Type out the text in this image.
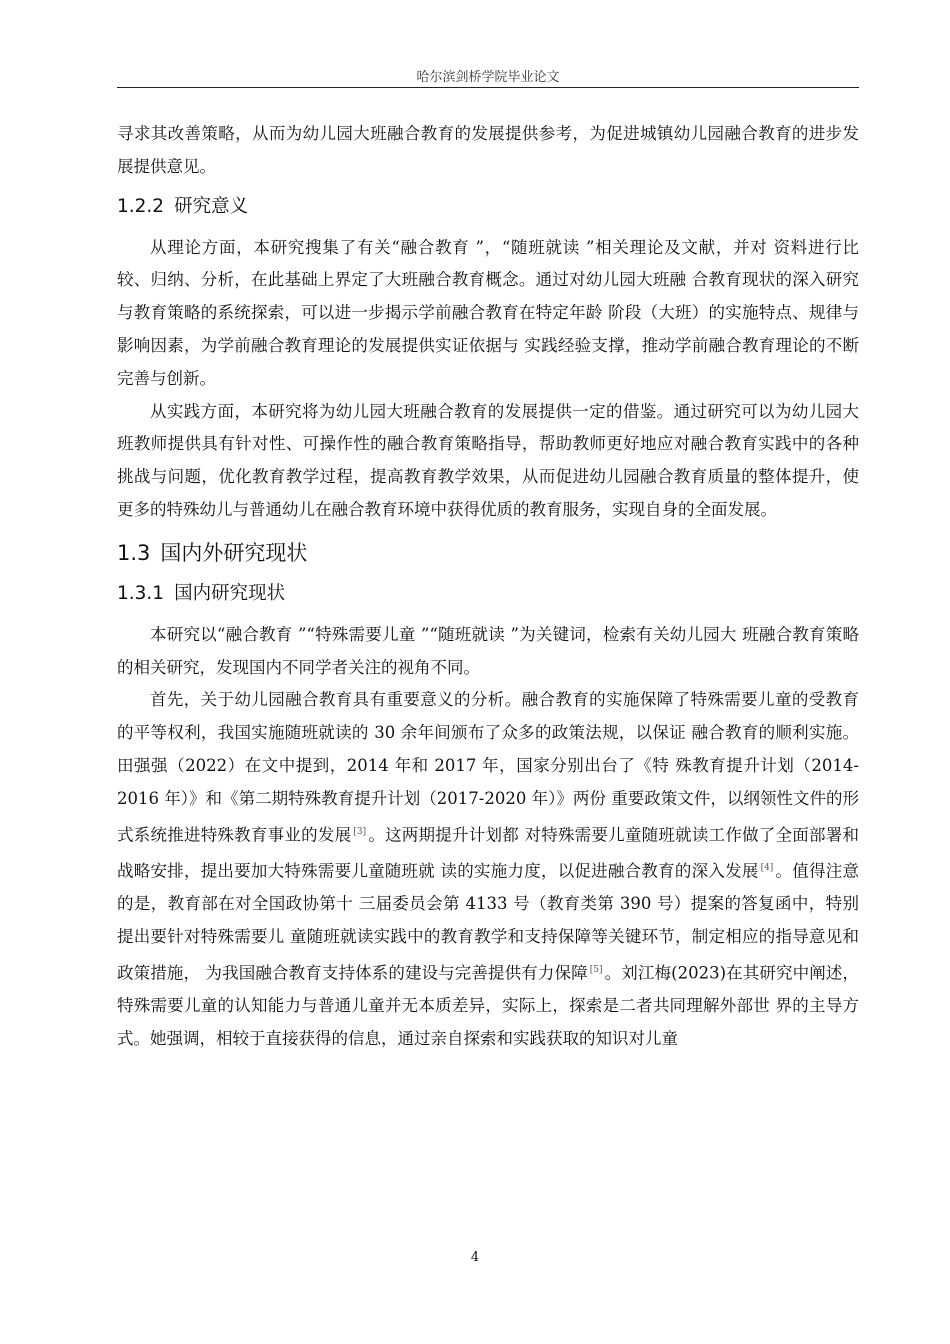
哈尔滨剑桥学院毕业论文

寻求其改善策略，从而为幼儿园大班融合教育的发展提供参考，为促进城镇幼儿园融合教育的进步发展提供意见。

1.2.2 研究意义

从理论方面，本研究搜集了有关“融合教育 ”，“随班就读 ”相关理论及文献，并对 资料进行比较、归纳、分析，在此基础上界定了大班融合教育概念。通过对幼儿园大班融 合教育现状的深入研究与教育策略的系统探索，可以进一步揭示学前融合教育在特定年龄 阶段（大班）的实施特点、规律与影响因素，为学前融合教育理论的发展提供实证依据与 实践经验支撑，推动学前融合教育理论的不断完善与创新。

从实践方面，本研究将为幼儿园大班融合教育的发展提供一定的借鉴。通过研究可以为幼儿园大班教师提供具有针对性、可操作性的融合教育策略指导，帮助教师更好地应对融合教育实践中的各种挑战与问题，优化教育教学过程，提高教育教学效果，从而促进幼儿园融合教育质量的整体提升，使更多的特殊幼儿与普通幼儿在融合教育环境中获得优质的教育服务，实现自身的全面发展。

1.3 国内外研究现状
1.3.1 国内研究现状

本研究以“融合教育 ”“特殊需要儿童 ”“随班就读 ”为关键词，检索有关幼儿园大 班融合教育策略的相关研究，发现国内不同学者关注的视角不同。

首先，关于幼儿园融合教育具有重要意义的分析。融合教育的实施保障了特殊需要儿童的受教育的平等权利，我国实施随班就读的 30 余年间颁布了众多的政策法规，以保证 融合教育的顺利实施。田强强（2022）在文中提到，2014 年和 2017 年，国家分别出台了《特 殊教育提升计划（2014-2016 年）》和《第二期特殊教育提升计划（2017-2020 年）》两份 重要政策文件，以纲领性文件的形式系统推进特殊教育事业的发展 [3] 。这两期提升计划都 对特殊需要儿童随班就读工作做了全面部署和战略安排，提出要加大特殊需要儿童随班就 读的实施力度，以促进融合教育的深入发展 [4] 。值得注意的是，教育部在对全国政协第十 三届委员会第 4133 号（教育类第 390 号）提案的答复函中，特别提出要针对特殊需要儿 童随班就读实践中的教育教学和支持保障等关键环节，制定相应的指导意见和政策措施， 为我国融合教育支持体系的建设与完善提供有力保障 [5] 。刘江梅(2023)在其研究中阐述， 特殊需要儿童的认知能力与普通儿童并无本质差异，实际上，探索是二者共同理解外部世 界的主导方式。她强调，相较于直接获得的信息，通过亲自探索和实践获取的知识对儿童

4
